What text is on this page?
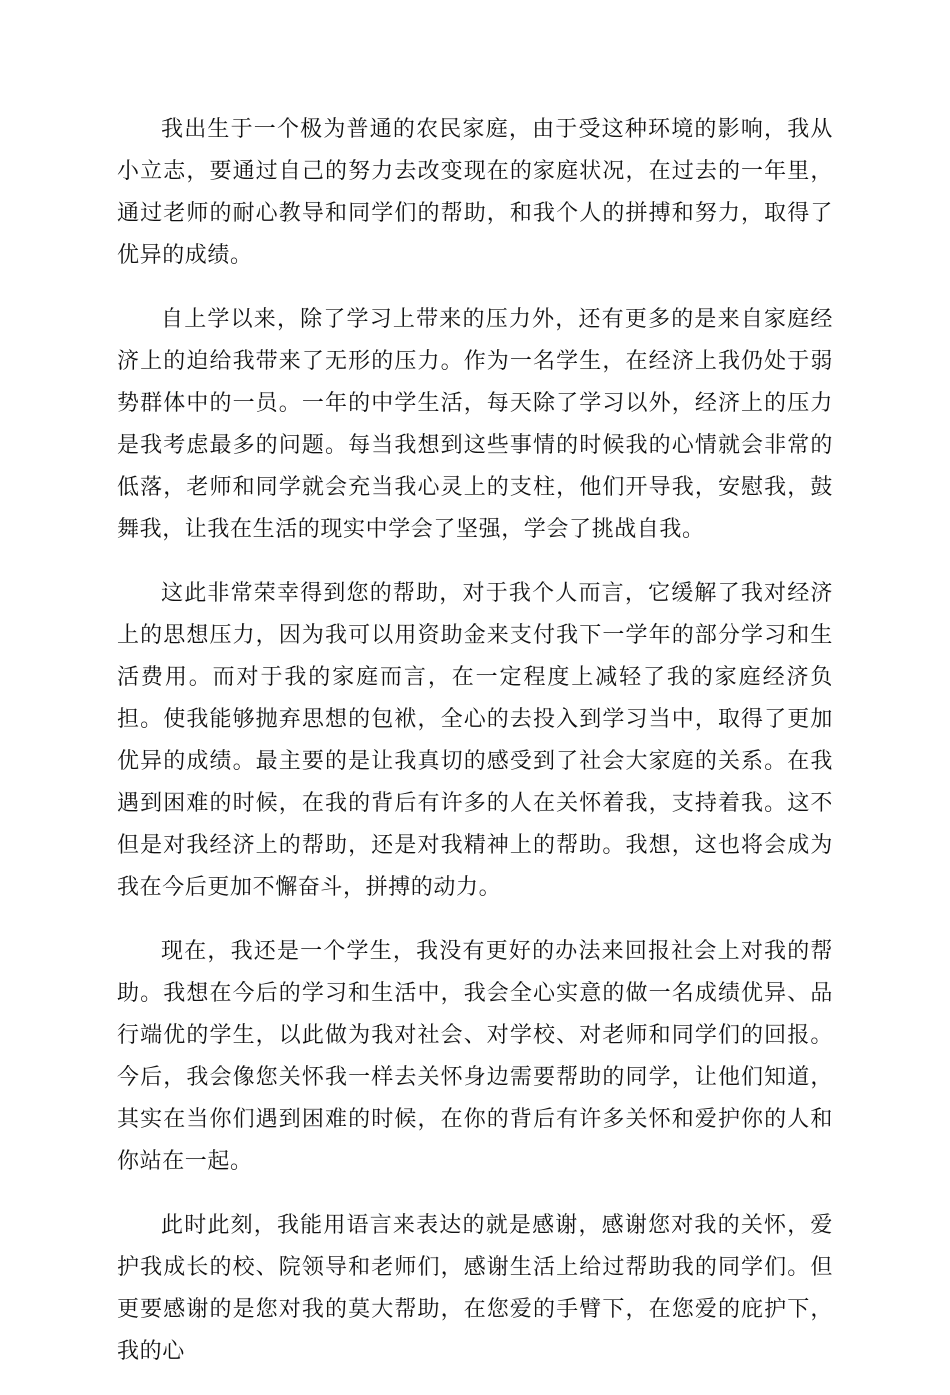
我出生于一个极为普通的农民家庭，由于受这种环境的影响，我从小立志，要通过自己的努力去改变现在的家庭状况，在过去的一年里，通过老师的耐心教导和同学们的帮助，和我个人的拼搏和努力，取得了优异的成绩。

自上学以来，除了学习上带来的压力外，还有更多的是来自家庭经济上的迫给我带来了无形的压力。作为一名学生，在经济上我仍处于弱势群体中的一员。一年的中学生活，每天除了学习以外，经济上的压力是我考虑最多的问题。每当我想到这些事情的时候我的心情就会非常的低落，老师和同学就会充当我心灵上的支柱，他们开导我，安慰我，鼓舞我，让我在生活的现实中学会了坚强，学会了挑战自我。

这此非常荣幸得到您的帮助，对于我个人而言，它缓解了我对经济上的思想压力，因为我可以用资助金来支付我下一学年的部分学习和生活费用。而对于我的家庭而言，在一定程度上减轻了我的家庭经济负担。使我能够抛弃思想的包袱，全心的去投入到学习当中，取得了更加优异的成绩。最主要的是让我真切的感受到了社会大家庭的关系。在我遇到困难的时候，在我的背后有许多的人在关怀着我，支持着我。这不但是对我经济上的帮助，还是对我精神上的帮助。我想，这也将会成为我在今后更加不懈奋斗，拼搏的动力。

现在，我还是一个学生，我没有更好的办法来回报社会上对我的帮助。我想在今后的学习和生活中，我会全心实意的做一名成绩优异、品行端优的学生，以此做为我对社会、对学校、对老师和同学们的回报。今后，我会像您关怀我一样去关怀身边需要帮助的同学，让他们知道，其实在当你们遇到困难的时候，在你的背后有许多关怀和爱护你的人和你站在一起。

此时此刻，我能用语言来表达的就是感谢，感谢您对我的关怀，爱护我成长的校、院领导和老师们，感谢生活上给过帮助我的同学们。但更要感谢的是您对我的莫大帮助，在您爱的手臂下，在您爱的庇护下，我的心
